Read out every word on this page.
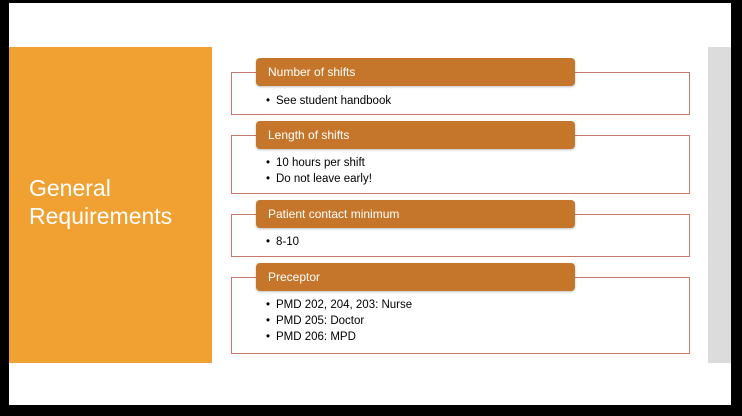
General
Requirements
Number of shifts
• See student handbook
Length of shifts
• 10 hours per shift
• Do not leave early!
Patient contact minimum
• 8-10
Preceptor
• PMD 202, 204, 203: Nurse
• PMD 205: Doctor
• PMD 206: MPD
